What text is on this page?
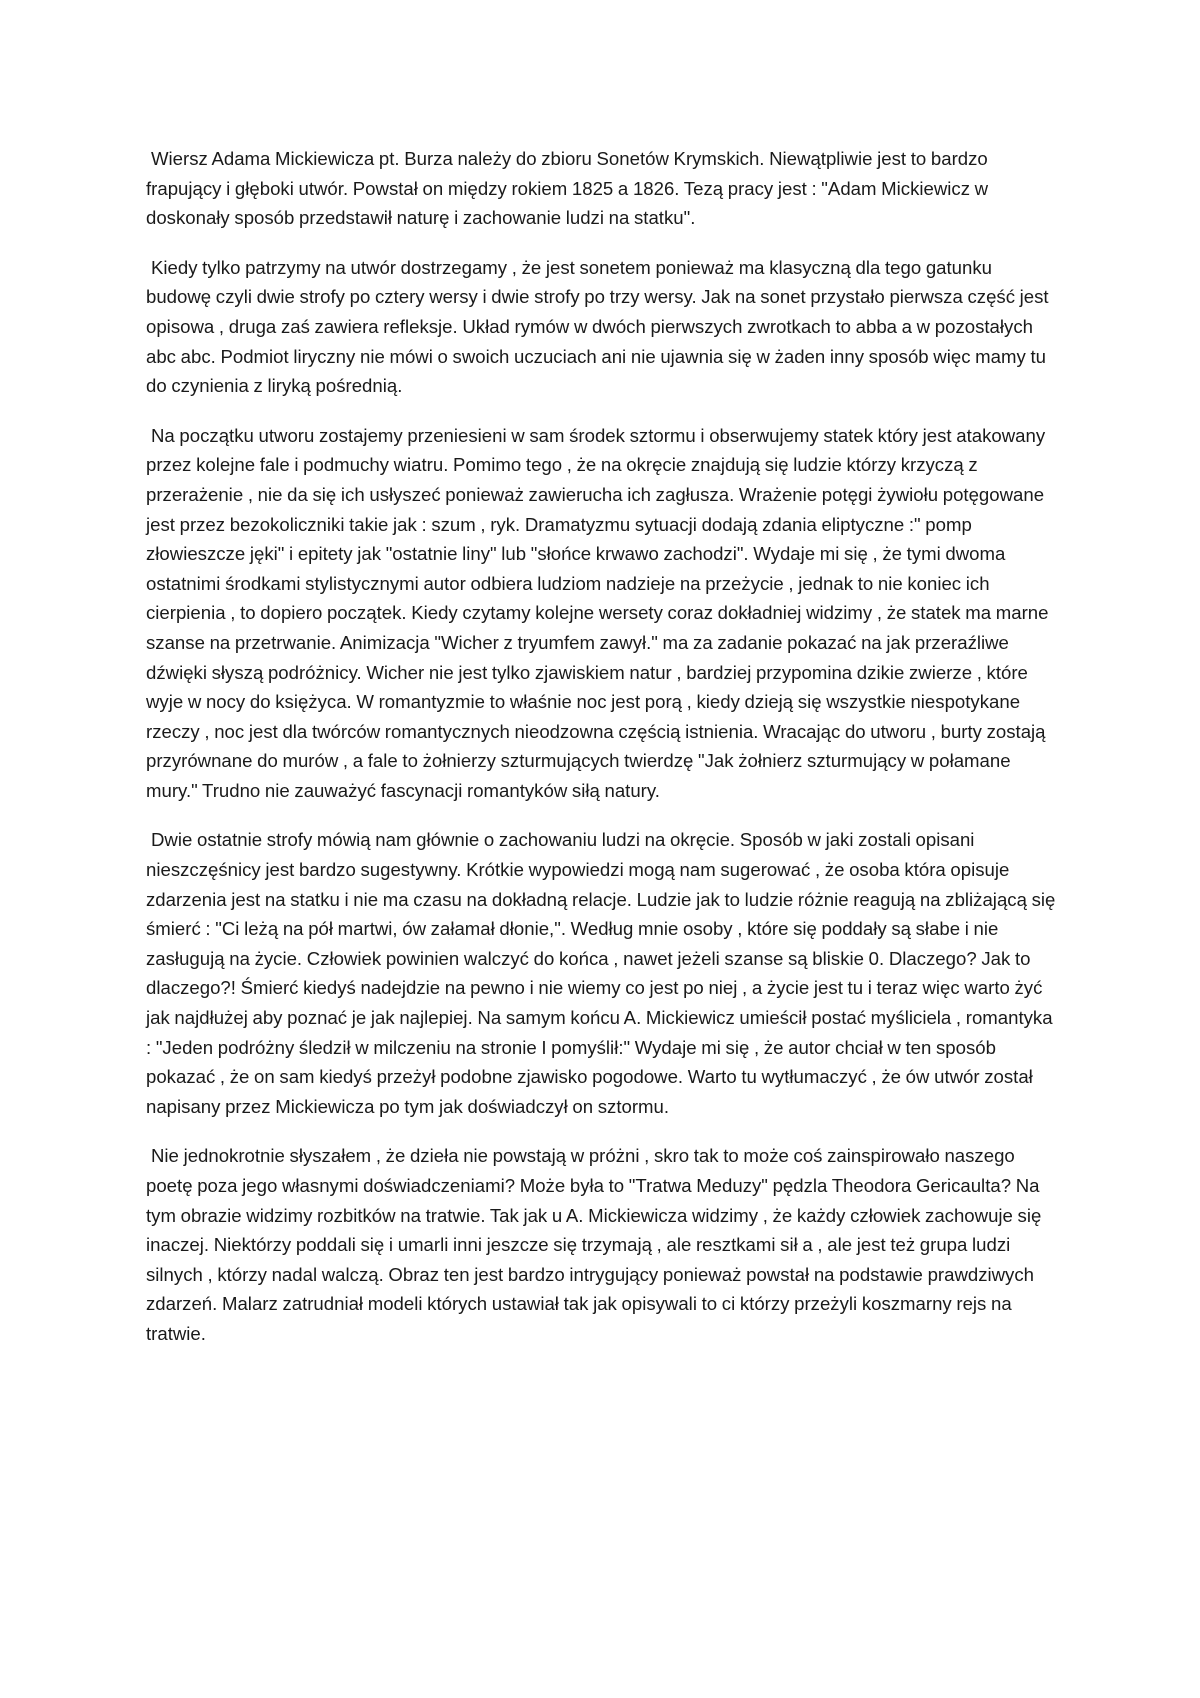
Wiersz Adama Mickiewicza pt. Burza należy do zbioru Sonetów Krymskich. Niewątpliwie jest to bardzo frapujący i głęboki utwór. Powstał on między rokiem 1825 a 1826. Tezą pracy jest : "Adam Mickiewicz w doskonały sposób przedstawił naturę i zachowanie ludzi na statku".

Kiedy tylko patrzymy na utwór dostrzegamy , że jest sonetem ponieważ ma klasyczną dla tego gatunku budowę czyli dwie strofy po cztery wersy i dwie strofy po trzy wersy. Jak na sonet przystało pierwsza część jest opisowa , druga zaś zawiera refleksje. Układ rymów w dwóch pierwszych zwrotkach to abba a w pozostałych abc abc. Podmiot liryczny nie mówi o swoich uczuciach ani nie ujawnia się w żaden inny sposób więc mamy tu do czynienia z liryką pośrednią.

Na początku utworu zostajemy przeniesieni w sam środek sztormu i obserwujemy statek który jest atakowany przez kolejne fale i podmuchy wiatru. Pomimo tego , że na okręcie znajdują się ludzie którzy krzyczą z przerażenie , nie da się ich usłyszeć ponieważ zawierucha ich zagłusza. Wrażenie potęgi żywiołu potęgowane jest przez bezokoliczniki takie jak : szum , ryk. Dramatyzmu sytuacji dodają zdania eliptyczne :" pomp złowieszcze jęki" i epitety jak "ostatnie liny" lub "słońce krwawo zachodzi". Wydaje mi się , że tymi dwoma ostatnimi środkami stylistycznymi autor odbiera ludziom nadzieje na przeżycie , jednak to nie koniec ich cierpienia , to dopiero początek. Kiedy czytamy kolejne wersety coraz dokładniej widzimy , że statek ma marne szanse na przetrwanie. Animizacja "Wicher z tryumfem zawył." ma za zadanie pokazać na jak przeraźliwe dźwięki słyszą podróżnicy. Wicher nie jest tylko zjawiskiem natur , bardziej przypomina dzikie zwierze , które wyje w nocy do księżyca. W romantyzmie to właśnie noc jest porą , kiedy dzieją się wszystkie niespotykane rzeczy , noc jest dla twórców romantycznych nieodzowna częścią istnienia. Wracając do utworu , burty zostają przyrównane do murów , a fale to żołnierzy szturmujących twierdzę "Jak żołnierz szturmujący w połamane mury." Trudno nie zauważyć fascynacji romantyków siłą natury.

Dwie ostatnie strofy mówią nam głównie o zachowaniu ludzi na okręcie. Sposób w jaki zostali opisani nieszczęśnicy jest bardzo sugestywny. Krótkie wypowiedzi mogą nam sugerować , że osoba która opisuje zdarzenia jest na statku i nie ma czasu na dokładną relacje. Ludzie jak to ludzie różnie reagują na zbliżającą się śmierć : "Ci leżą na pół martwi, ów załamał dłonie,". Według mnie osoby , które się poddały są słabe i nie zasługują na życie. Człowiek powinien walczyć do końca , nawet jeżeli szanse są bliskie 0. Dlaczego? Jak to dlaczego?! Śmierć kiedyś nadejdzie na pewno i nie wiemy co jest po niej , a życie jest tu i teraz więc warto żyć jak najdłużej aby poznać je jak najlepiej. Na samym końcu A. Mickiewicz umieścił postać myśliciela , romantyka : "Jeden podróżny śledził w milczeniu na stronie I pomyślił:" Wydaje mi się , że autor chciał w ten sposób pokazać , że on sam kiedyś przeżył podobne zjawisko pogodowe. Warto tu wytłumaczyć , że ów utwór został napisany przez Mickiewicza po tym jak doświadczył on sztormu.

Nie jednokrotnie słyszałem , że dzieła nie powstają w próżni , skro tak to może coś zainspirowało naszego poetę poza jego własnymi doświadczeniami? Może była to "Tratwa Meduzy" pędzla Theodora Gericaulta? Na tym obrazie widzimy rozbitków na tratwie. Tak jak u A. Mickiewicza widzimy , że każdy człowiek zachowuje się inaczej. Niektórzy poddali się i umarli inni jeszcze się trzymają , ale resztkami sił a , ale jest też grupa ludzi silnych , którzy nadal walczą. Obraz ten jest bardzo intrygujący ponieważ powstał na podstawie prawdziwych zdarzeń. Malarz zatrudniał modeli których ustawiał tak jak opisywali to ci którzy przeżyli koszmarny rejs na tratwie.
